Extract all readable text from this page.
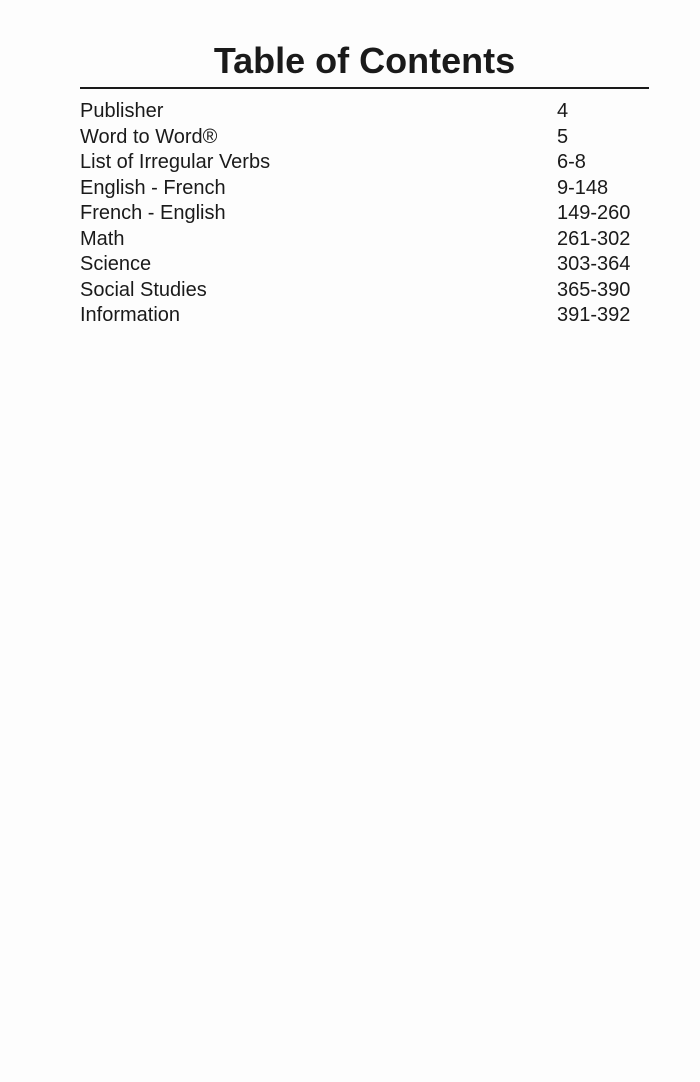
Table of Contents
Publisher	4
Word to Word®	5
List of Irregular Verbs	6-8
English - French	9-148
French - English	149-260
Math	261-302
Science	303-364
Social Studies	365-390
Information	391-392
